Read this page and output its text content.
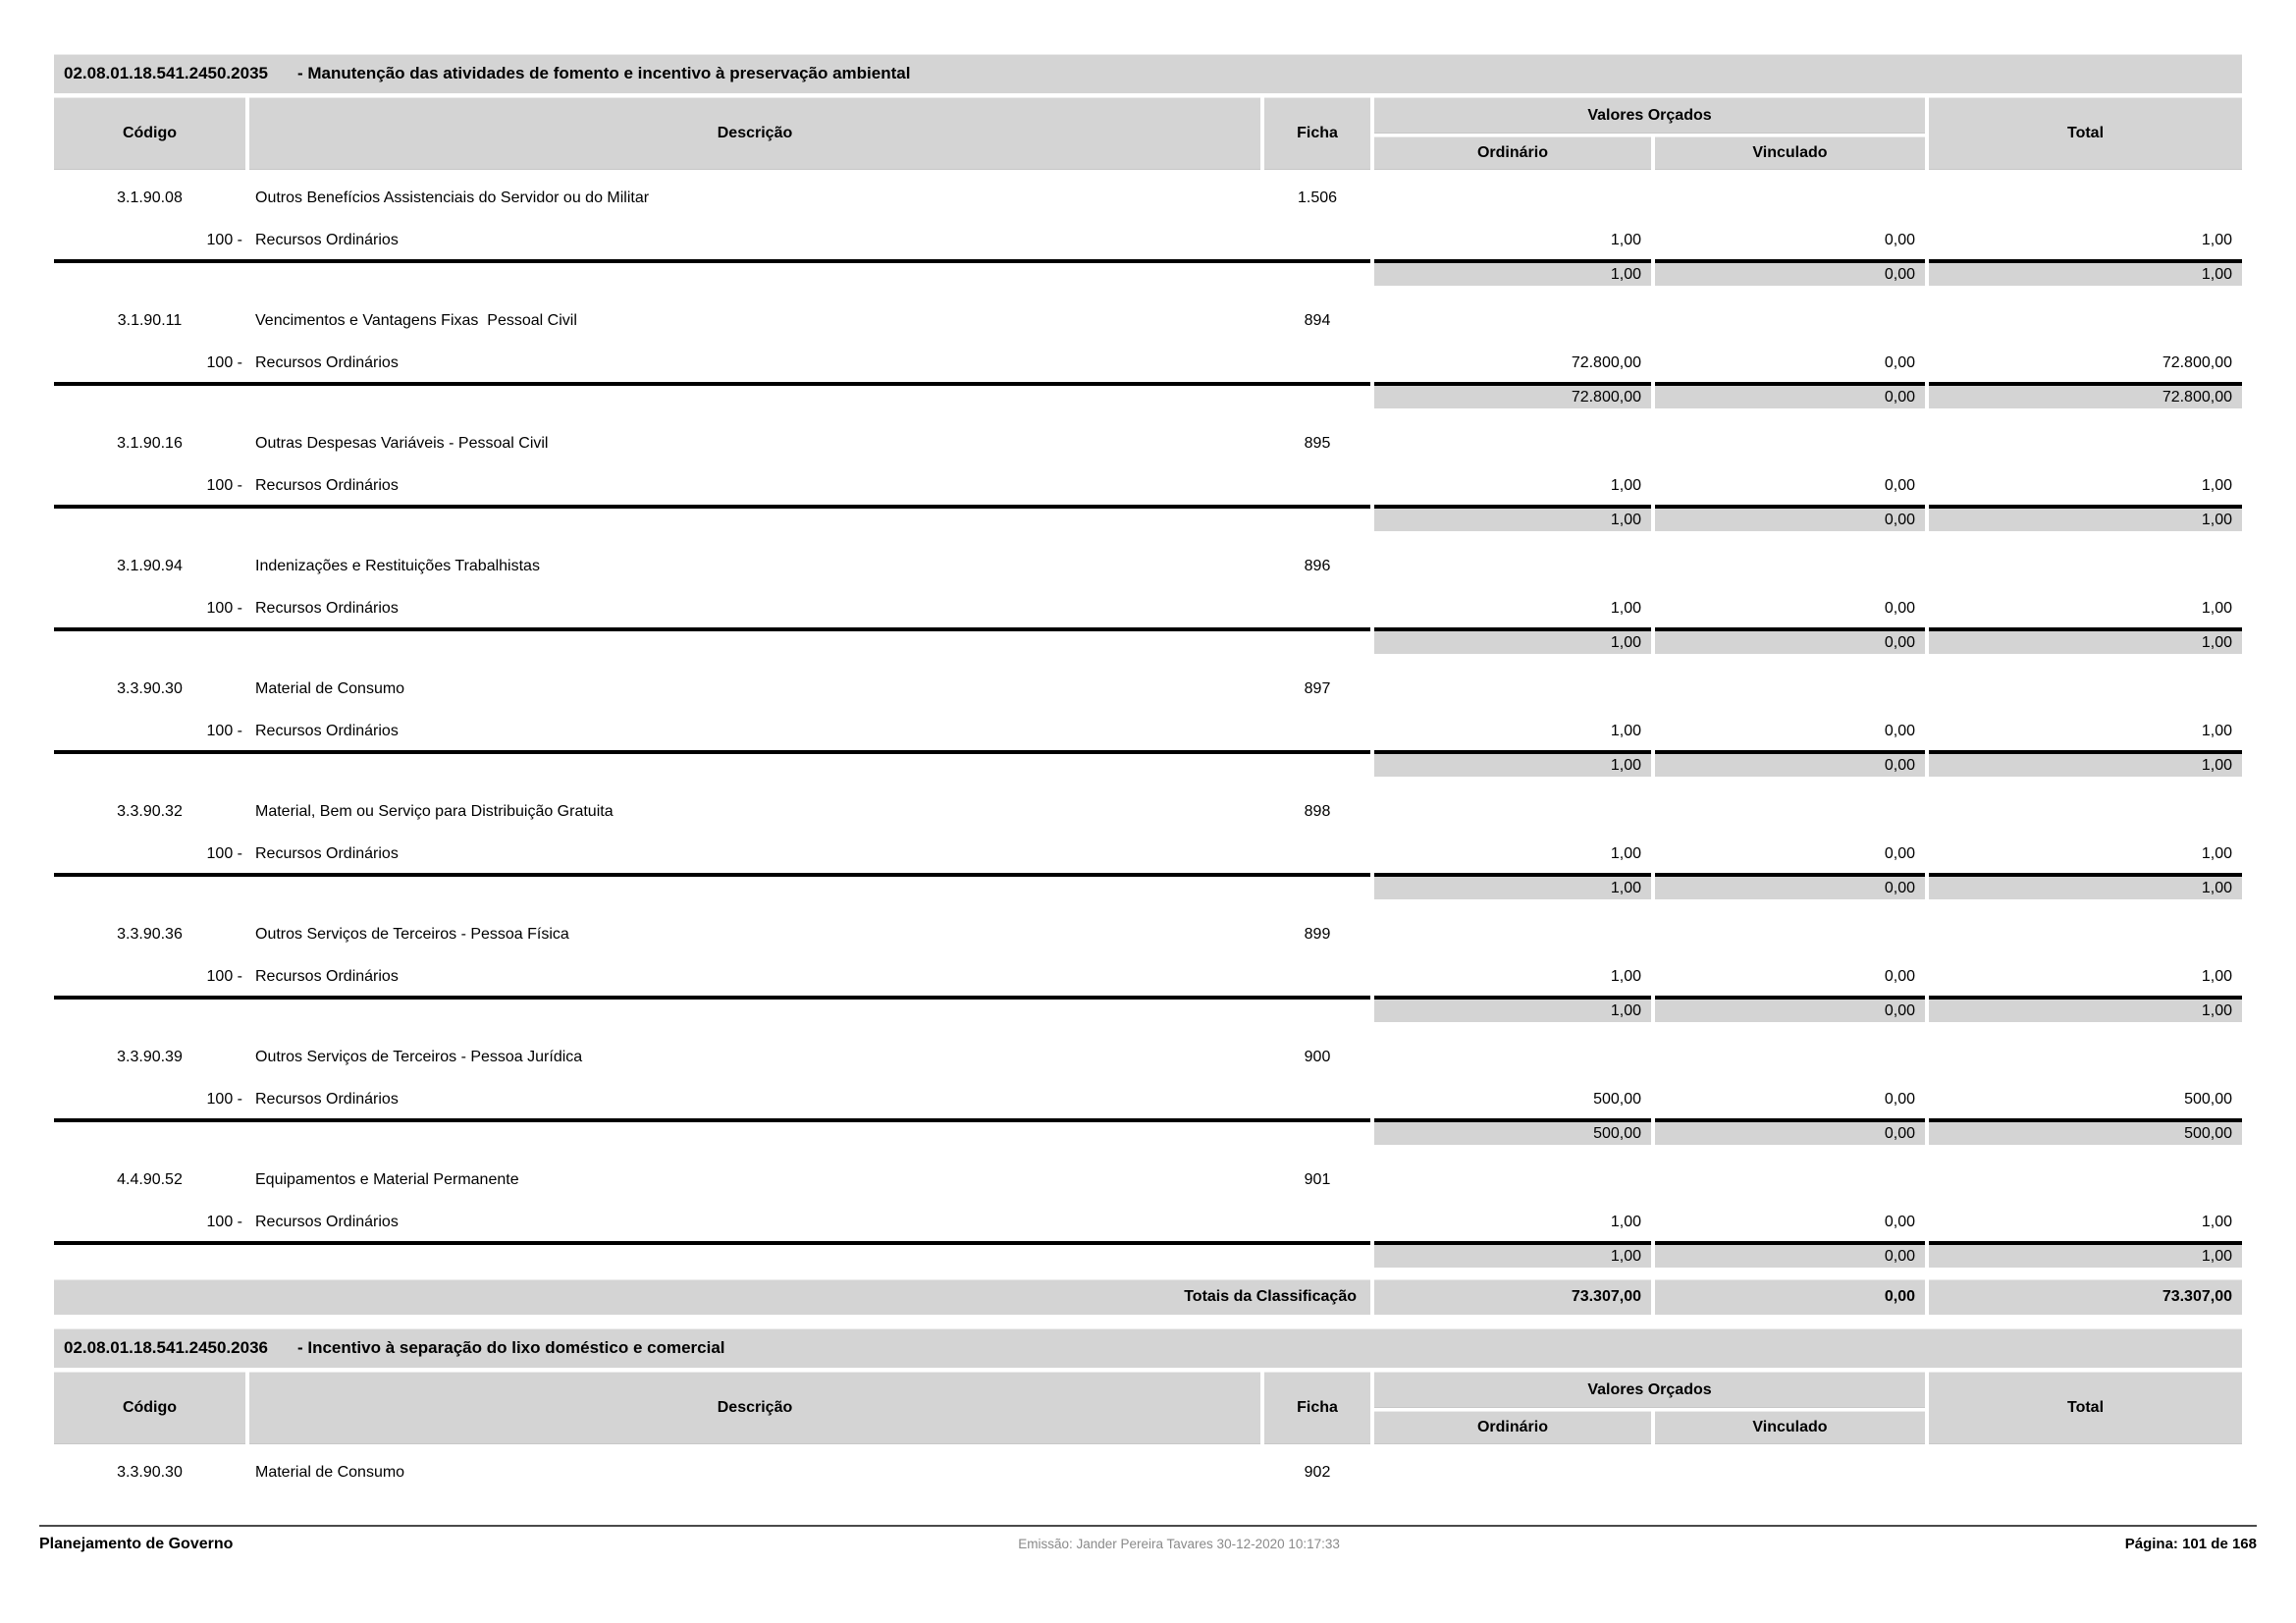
02.08.01.18.541.2450.2035 - Manutenção das atividades de fomento e incentivo à preservação ambiental
Código	Descrição	Ficha
Valores Orçados
Ordinário	Vinculado
Total
3.1.90.08	Outros Benefícios Assistenciais do Servidor ou do Militar	1.506
100 - Recursos Ordinários	1,00	0,00	1,00
1,00	0,00	1,00
3.1.90.11	Vencimentos e Vantagens Fixas  Pessoal Civil	894
100 - Recursos Ordinários	72.800,00	0,00	72.800,00
72.800,00	0,00	72.800,00
3.1.90.16	Outras Despesas Variáveis - Pessoal Civil	895
100 - Recursos Ordinários	1,00	0,00	1,00
1,00	0,00	1,00
3.1.90.94	Indenizações e Restituições Trabalhistas	896
100 - Recursos Ordinários	1,00	0,00	1,00
1,00	0,00	1,00
3.3.90.30	Material de Consumo	897
100 - Recursos Ordinários	1,00	0,00	1,00
1,00	0,00	1,00
3.3.90.32	Material, Bem ou Serviço para Distribuição Gratuita	898
100 - Recursos Ordinários	1,00	0,00	1,00
1,00	0,00	1,00
3.3.90.36	Outros Serviços de Terceiros - Pessoa Física	899
100 - Recursos Ordinários	1,00	0,00	1,00
1,00	0,00	1,00
3.3.90.39	Outros Serviços de Terceiros - Pessoa Jurídica	900
100 - Recursos Ordinários	500,00	0,00	500,00
500,00	0,00	500,00
4.4.90.52	Equipamentos e Material Permanente	901
100 - Recursos Ordinários	1,00	0,00	1,00
1,00	0,00	1,00
Totais da Classificação	73.307,00	0,00	73.307,00
02.08.01.18.541.2450.2036 - Incentivo à separação do lixo doméstico e comercial
Código	Descrição	Ficha
Valores Orçados
Ordinário	Vinculado
Total
3.3.90.30	Material de Consumo	902
Planejamento de Governo	Emissão: Jander Pereira Tavares 30-12-2020 10:17:33	Página: 101 de 168
